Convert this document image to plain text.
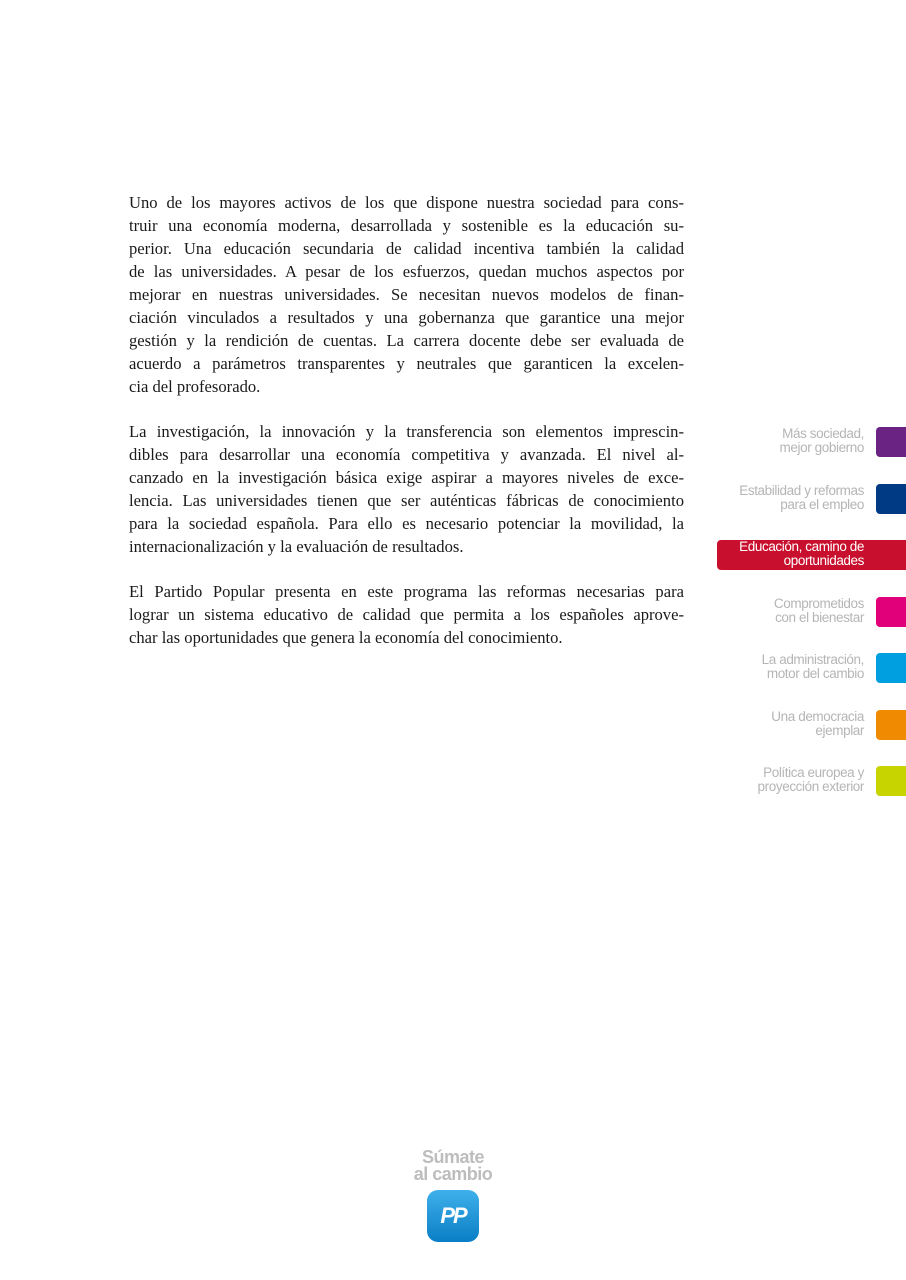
Uno de los mayores activos de los que dispone nuestra sociedad para cons-
truir una economía moderna, desarrollada y sostenible es la educación su-
perior. Una educación secundaria de calidad incentiva también la calidad
de las universidades. A pesar de los esfuerzos, quedan muchos aspectos por
mejorar en nuestras universidades. Se necesitan nuevos modelos de finan-
ciación vinculados a resultados y una gobernanza que garantice una mejor
gestión y la rendición de cuentas. La carrera docente debe ser evaluada de
acuerdo a parámetros transparentes y neutrales que garanticen la excelen-
cia del profesorado.
La investigación, la innovación y la transferencia son elementos imprescin-
dibles para desarrollar una economía competitiva y avanzada. El nivel al-
canzado en la investigación básica exige aspirar a mayores niveles de exce-
lencia. Las universidades tienen que ser auténticas fábricas de conocimiento
para la sociedad española. Para ello es necesario potenciar la movilidad, la
internacionalización y la evaluación de resultados.
El Partido Popular presenta en este programa las reformas necesarias para
lograr un sistema educativo de calidad que permita a los españoles aprove-
char las oportunidades que genera la economía del conocimiento.
Más sociedad,
mejor gobierno
Estabilidad y reformas
para el empleo
Educación, camino de
oportunidades
Comprometidos
con el bienestar
La administración,
motor del cambio
Una democracia
ejemplar
Política europea y
proyección exterior
Súmate
al cambio
PP
